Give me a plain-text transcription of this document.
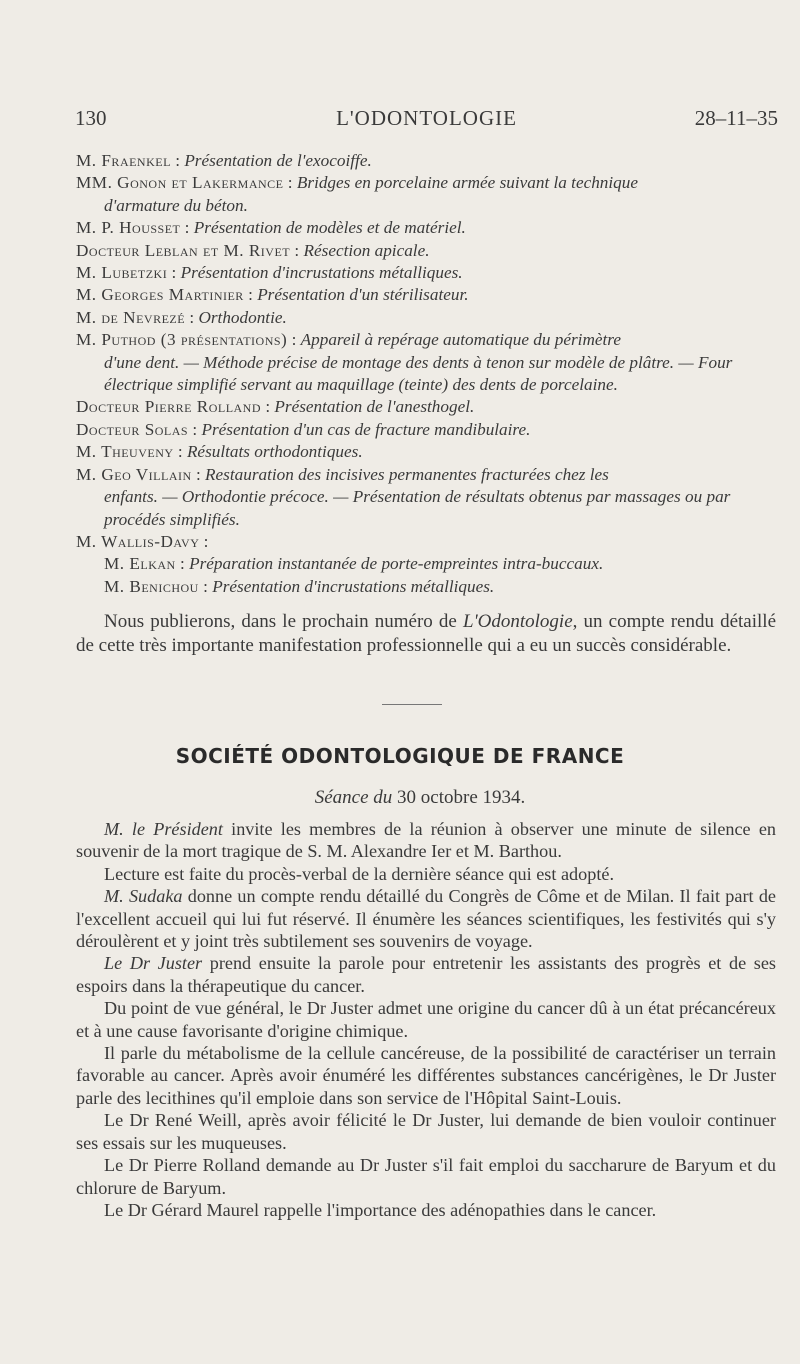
130	L'ODONTOLOGIE	28–11–35
M. Fraenkel : Présentation de l'exocoiffe.
MM. Gonon et Lakermance : Bridges en porcelaine armée suivant la technique
d'armature du béton.
M. P. Housset : Présentation de modèles et de matériel.
Docteur Leblan et M. Rivet : Résection apicale.
M. Lubetzki : Présentation d'incrustations métalliques.
M. Georges Martinier : Présentation d'un stérilisateur.
M. de Nevrezé : Orthodontie.
M. Puthod (3 présentations) : Appareil à repérage automatique du périmètre
d'une dent. — Méthode précise de montage des dents à tenon sur modèle de plâtre. — Four électrique simplifié servant au maquillage (teinte) des dents de porcelaine.
Docteur Pierre Rolland : Présentation de l'anesthogel.
Docteur Solas : Présentation d'un cas de fracture mandibulaire.
M. Theuveny : Résultats orthodontiques.
M. Geo Villain : Restauration des incisives permanentes fracturées chez les
enfants. — Orthodontie précoce. — Présentation de résultats obtenus par massages ou par procédés simplifiés.
M. Wallis-Davy :
M. Elkan : Préparation instantanée de porte-empreintes intra-buccaux.
M. Benichou : Présentation d'incrustations métalliques.
Nous publierons, dans le prochain numéro de L'Odontologie, un compte rendu détaillé de cette très importante manifestation professionnelle qui a eu un succès considérable.
SOCIÉTÉ ODONTOLOGIQUE DE FRANCE
Séance du 30 octobre 1934.

M. le Président invite les membres de la réunion à observer une minute de silence en souvenir de la mort tragique de S. M. Alexandre Ier et M. Barthou.

Lecture est faite du procès-verbal de la dernière séance qui est adopté.

M. Sudaka donne un compte rendu détaillé du Congrès de Côme et de Milan. Il fait part de l'excellent accueil qui lui fut réservé. Il énumère les séances scientifiques, les festivités qui s'y déroulèrent et y joint très subtilement ses souvenirs de voyage.

Le Dr Juster prend ensuite la parole pour entretenir les assistants des progrès et de ses espoirs dans la thérapeutique du cancer.

Du point de vue général, le Dr Juster admet une origine du cancer dû à un état précancéreux et à une cause favorisante d'origine chimique.

Il parle du métabolisme de la cellule cancéreuse, de la possibilité de caractériser un terrain favorable au cancer. Après avoir énuméré les différentes substances cancérigènes, le Dr Juster parle des lecithines qu'il emploie dans son service de l'Hôpital Saint-Louis.

Le Dr René Weill, après avoir félicité le Dr Juster, lui demande de bien vouloir continuer ses essais sur les muqueuses.

Le Dr Pierre Rolland demande au Dr Juster s'il fait emploi du saccharure de Baryum et du chlorure de Baryum.

Le Dr Gérard Maurel rappelle l'importance des adénopathies dans le cancer.
